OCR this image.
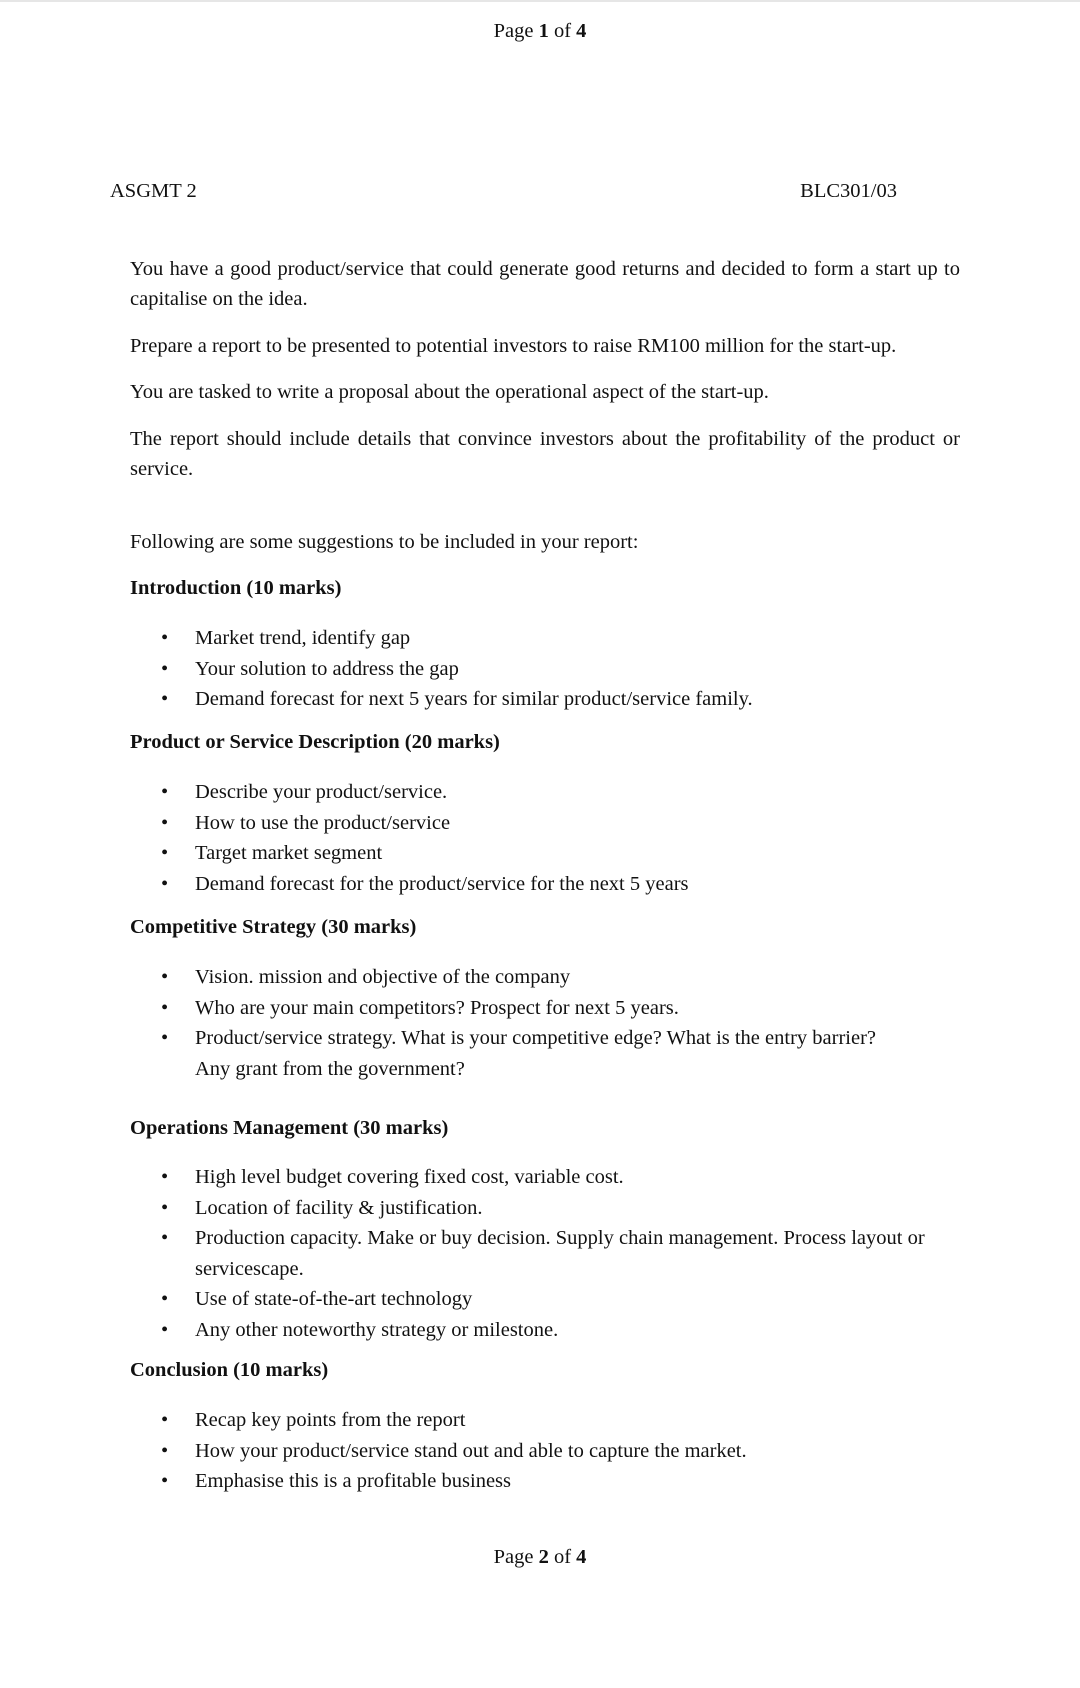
Page 1 of 4
ASGMT 2	BLC301/03
You have a good product/service that could generate good returns and decided to form a start up to capitalise on the idea.
Prepare a report to be presented to potential investors to raise RM100 million for the start-up.
You are tasked to write a proposal about the operational aspect of the start-up.
The report should include details that convince investors about the profitability of the product or service.
Following are some suggestions to be included in your report:
Introduction (10 marks)
• Market trend, identify gap
• Your solution to address the gap
• Demand forecast for next 5 years for similar product/service family.
Product or Service Description (20 marks)
• Describe your product/service.
• How to use the product/service
• Target market segment
• Demand forecast for the product/service for the next 5 years
Competitive Strategy (30 marks)
• Vision. mission and objective of the company
• Who are your main competitors? Prospect for next 5 years.
• Product/service strategy. What is your competitive edge? What is the entry barrier? Any grant from the government?
Operations Management (30 marks)
• High level budget covering fixed cost, variable cost.
• Location of facility & justification.
• Production capacity. Make or buy decision. Supply chain management. Process layout or servicescape.
• Use of state-of-the-art technology
• Any other noteworthy strategy or milestone.
Conclusion (10 marks)
• Recap key points from the report
• How your product/service stand out and able to capture the market.
• Emphasise this is a profitable business
Page 2 of 4
